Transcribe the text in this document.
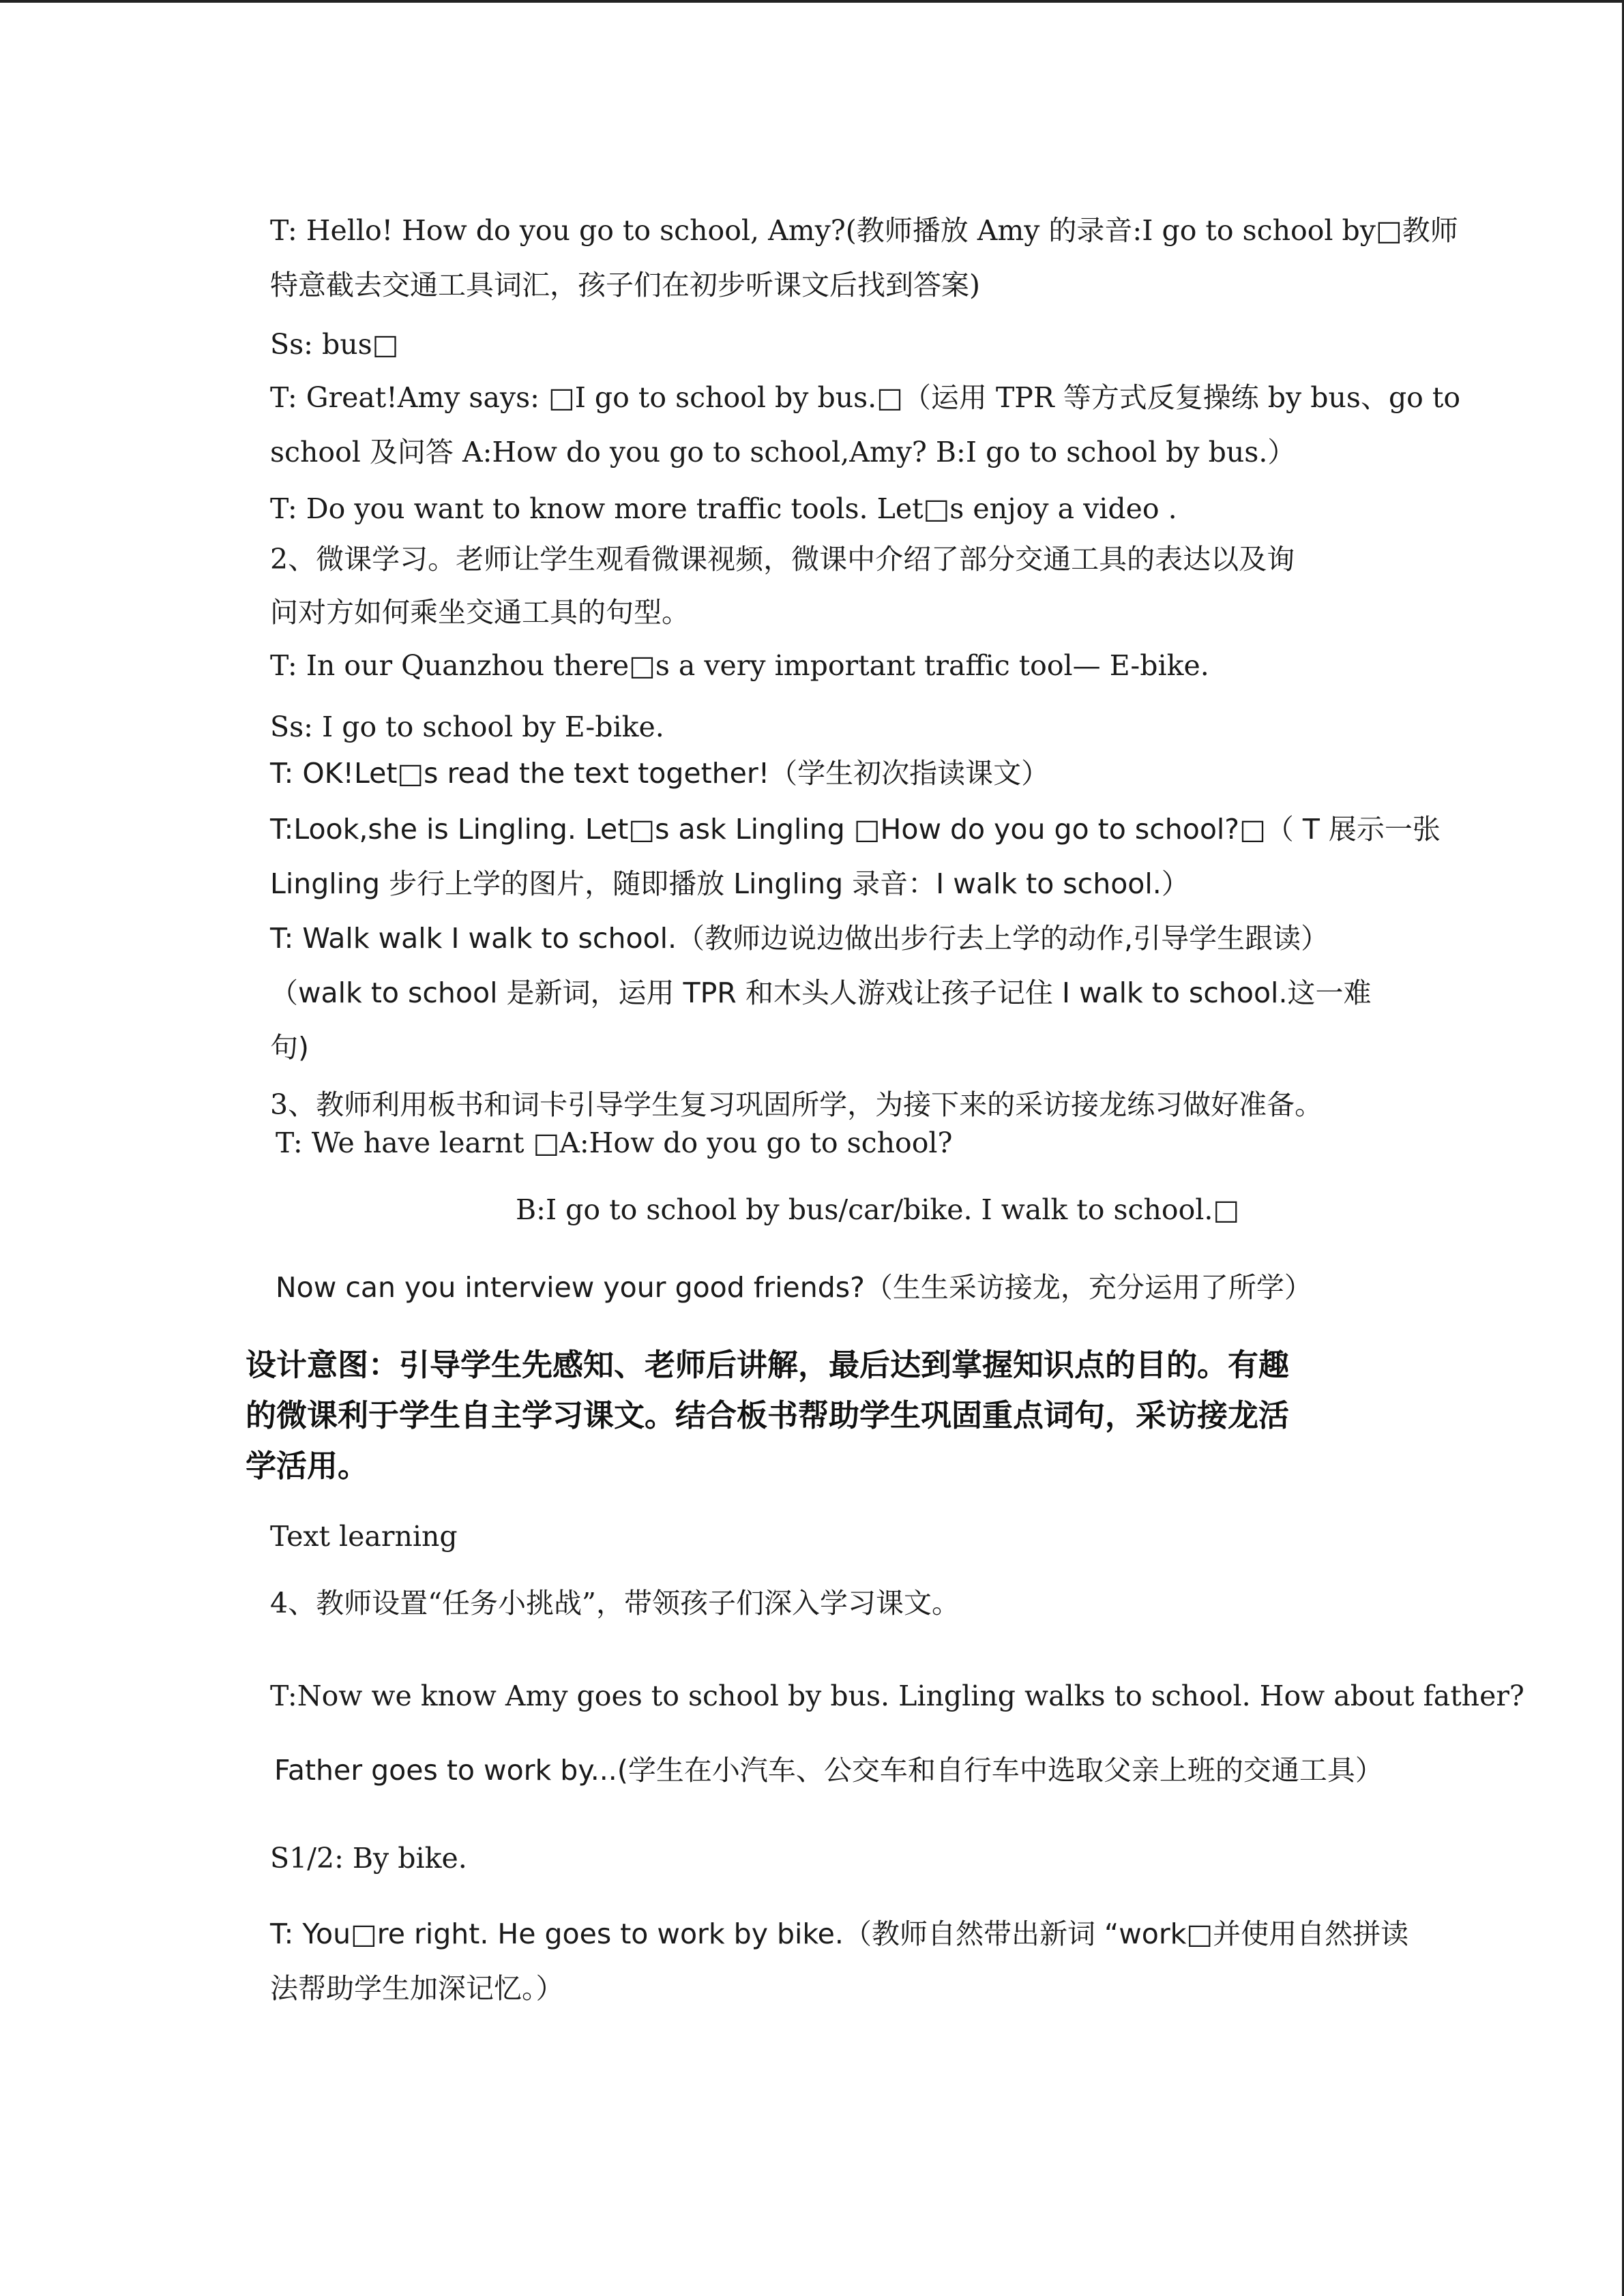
T: Hello! How do you go to school, Amy?(教师播放 Amy 的录音:I go to school by□教师
特意截去交通工具词汇，孩子们在初步听课文后找到答案)
Ss: bus□
T: Great!Amy says: □I go to school by bus.□（运用 TPR 等方式反复操练 by bus、go to
school 及问答 A:How do you go to school,Amy? B:I go to school by bus.）
T: Do you want to know more traffic tools. Let□s enjoy a video .
2、微课学习。老师让学生观看微课视频，微课中介绍了部分交通工具的表达以及询
问对方如何乘坐交通工具的句型。
T: In our Quanzhou there□s a very important traffic tool— E-bike.
Ss: I go to school by E-bike.
T: OK!Let□s read the text together!（学生初次指读课文）
T:Look,she is Lingling. Let□s ask Lingling □How do you go to school?□（ T 展示一张
Lingling 步行上学的图片，随即播放 Lingling 录音：I walk to school.）
T: Walk walk I walk to school.（教师边说边做出步行去上学的动作,引导学生跟读）
（walk to school 是新词，运用 TPR 和木头人游戏让孩子记住 I walk to school.这一难
句)
3、教师利用板书和词卡引导学生复习巩固所学，为接下来的采访接龙练习做好准备。
T: We have learnt □A:How do you go to school?
B:I go to school by bus/car/bike. I walk to school.□
Now can you interview your good friends?（生生采访接龙，充分运用了所学）
设计意图：引导学生先感知、老师后讲解，最后达到掌握知识点的目的。有趣
的微课利于学生自主学习课文。结合板书帮助学生巩固重点词句，采访接龙活
学活用。
Text learning
4、教师设置“任务小挑战”，带领孩子们深入学习课文。
T:Now we know Amy goes to school by bus. Lingling walks to school. How about father?
Father goes to work by...(学生在小汽车、公交车和自行车中选取父亲上班的交通工具）
S1/2: By bike.
T: You□re right. He goes to work by bike.（教师自然带出新词 “work□并使用自然拼读
法帮助学生加深记忆。）
